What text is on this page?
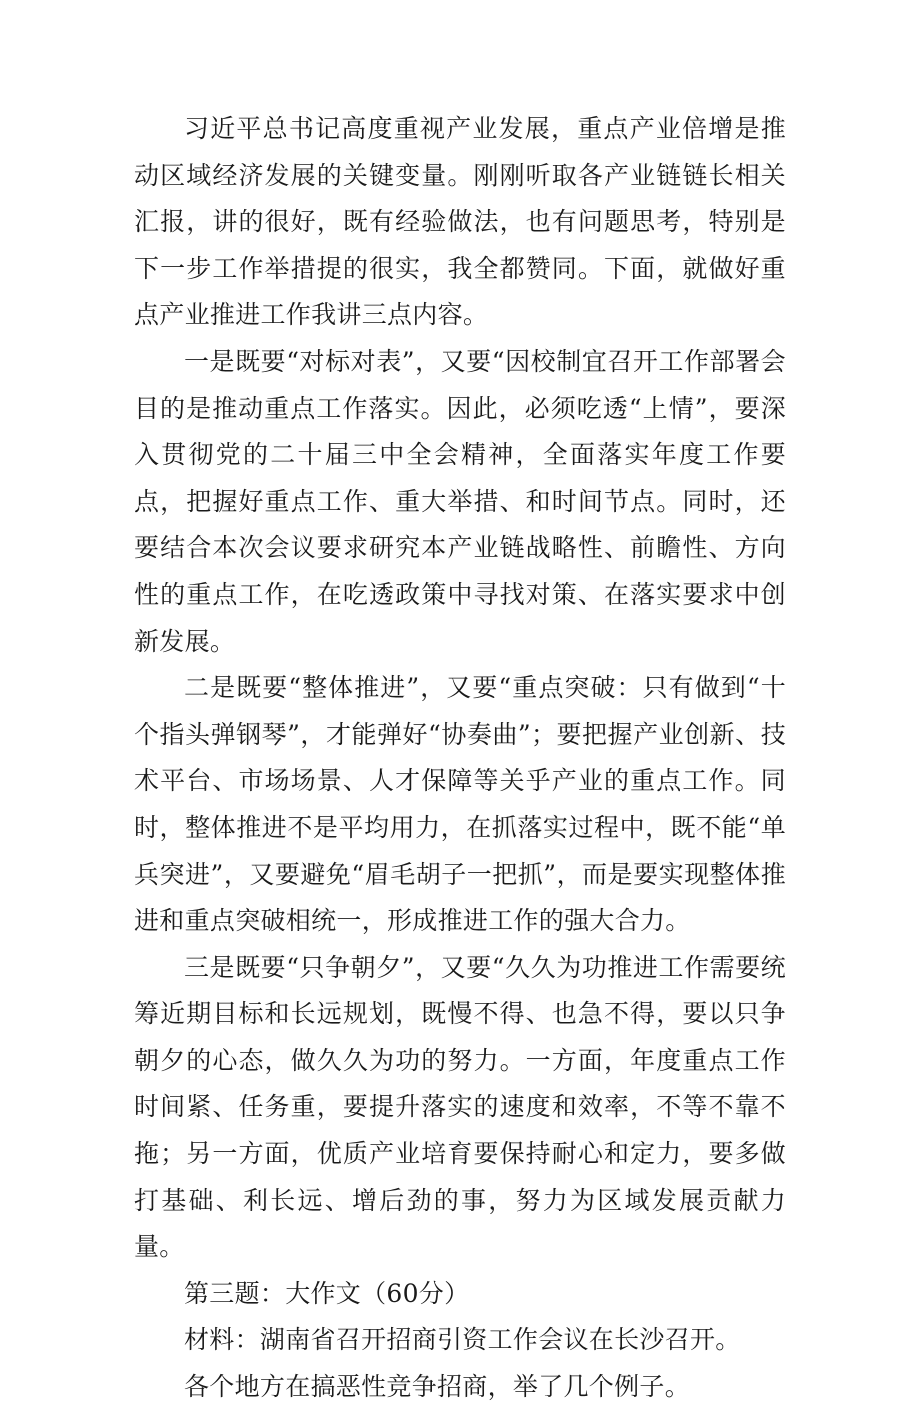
习近平总书记高度重视产业发展，重点产业倍增是推动区域经济发展的关键变量。刚刚听取各产业链链长相关汇报，讲的很好，既有经验做法，也有问题思考，特别是下一步工作举措提的很实，我全都赞同。下面，就做好重点产业推进工作我讲三点内容。

一是既要“对标对表”，又要“因校制宜召开工作部署会目的是推动重点工作落实。因此，必须吃透“上情”，要深入贯彻党的二十届三中全会精神，全面落实年度工作要点，把握好重点工作、重大举措、和时间节点。同时，还要结合本次会议要求研究本产业链战略性、前瞻性、方向性的重点工作，在吃透政策中寻找对策、在落实要求中创新发展。

二是既要“整体推进”，又要“重点突破：只有做到“十个指头弹钢琴”，才能弹好“协奏曲”；要把握产业创新、技术平台、市场场景、人才保障等关乎产业的重点工作。同时，整体推进不是平均用力，在抓落实过程中，既不能“单兵突进”，又要避免“眉毛胡子一把抓”，而是要实现整体推进和重点突破相统一，形成推进工作的强大合力。

三是既要“只争朝夕”，又要“久久为功推进工作需要统筹近期目标和长远规划，既慢不得、也急不得，要以只争朝夕的心态，做久久为功的努力。一方面，年度重点工作时间紧、任务重，要提升落实的速度和效率，不等不靠不拖；另一方面，优质产业培育要保持耐心和定力，要多做打基础、利长远、增后劲的事，努力为区域发展贡献力量。

第三题：大作文（60分）

材料：湖南省召开招商引资工作会议在长沙召开。

各个地方在搞恶性竞争招商，举了几个例子。
